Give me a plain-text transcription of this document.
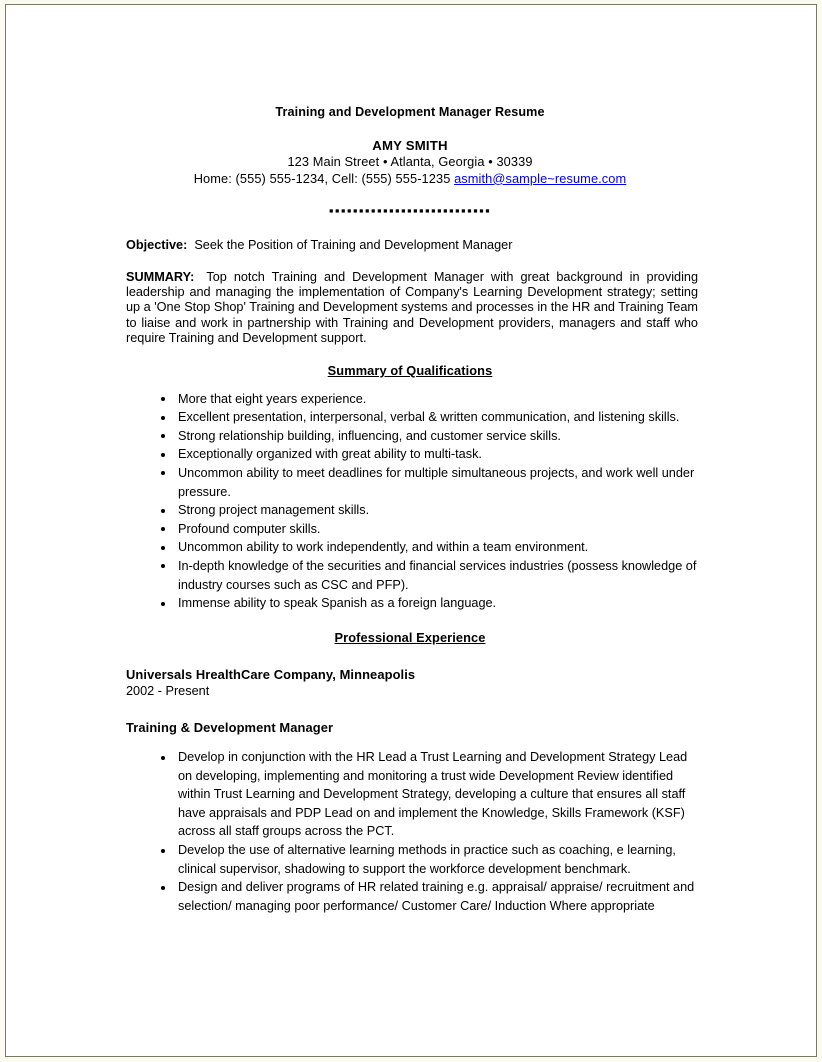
Training and Development Manager Resume
AMY SMITH
123 Main Street • Atlanta, Georgia • 30339
Home: (555) 555-1234, Cell: (555) 555-1235 asmith@sample~resume.com
▪▪▪▪▪▪▪▪▪▪▪▪▪▪▪▪▪▪▪▪▪▪▪▪▪▪▪
Objective: Seek the Position of Training and Development Manager
SUMMARY: Top notch Training and Development Manager with great background in providing leadership and managing the implementation of Company's Learning Development strategy; setting up a 'One Stop Shop' Training and Development systems and processes in the HR and Training Team to liaise and work in partnership with Training and Development providers, managers and staff who require Training and Development support.
Summary of Qualifications
More that eight years experience.
Excellent presentation, interpersonal, verbal & written communication, and listening skills.
Strong relationship building, influencing, and customer service skills.
Exceptionally organized with great ability to multi-task.
Uncommon ability to meet deadlines for multiple simultaneous projects, and work well under pressure.
Strong project management skills.
Profound computer skills.
Uncommon ability to work independently, and within a team environment.
In-depth knowledge of the securities and financial services industries (possess knowledge of industry courses such as CSC and PFP).
Immense ability to speak Spanish as a foreign language.
Professional Experience
Universals HrealthCare Company, Minneapolis
2002 - Present
Training & Development Manager
Develop in conjunction with the HR Lead a Trust Learning and Development Strategy Lead on developing, implementing and monitoring a trust wide Development Review identified within Trust Learning and Development Strategy, developing a culture that ensures all staff have appraisals and PDP Lead on and implement the Knowledge, Skills Framework (KSF) across all staff groups across the PCT.
Develop the use of alternative learning methods in practice such as coaching, e learning, clinical supervisor, shadowing to support the workforce development benchmark.
Design and deliver programs of HR related training e.g. appraisal/ appraise/ recruitment and selection/ managing poor performance/ Customer Care/ Induction Where appropriate
